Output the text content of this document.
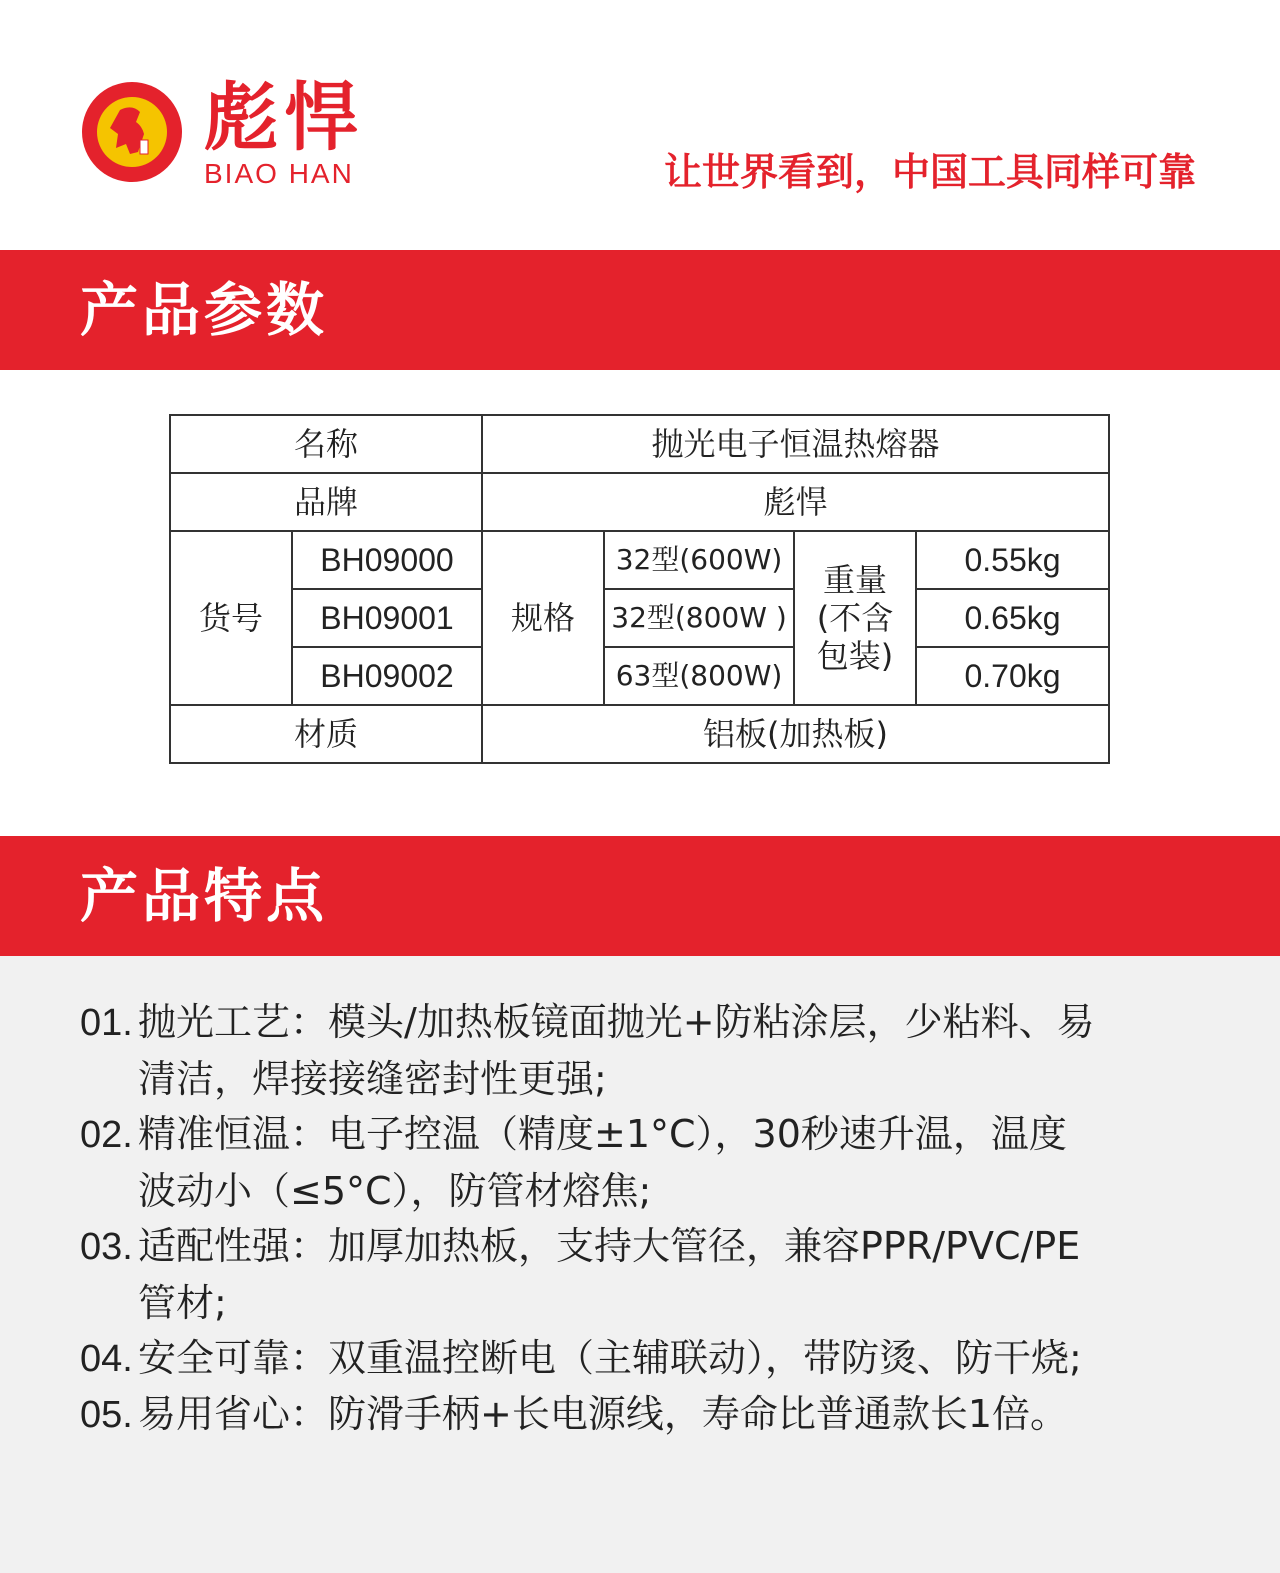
彪悍
BIAO HAN	让世界看到，中国工具同样可靠
产品参数
名称		抛光电子恒温热熔器			
品牌		彪悍			
货号	BH09000	规格	32型(600W)	重量(不含包装)	0.55kg
	BH09001		32型(800W )		0.65kg
	BH09002		63型(800W)		0.70kg
材质		铝板(加热板)			
产品特点
01. 抛光工艺：模头/加热板镜面抛光+防粘涂层，少粘料、易
清洁，焊接接缝密封性更强;
02. 精准恒温：电子控温（精度±1°C），30秒速升温，温度
波动小（≤5°C），防管材熔焦;
03. 适配性强：加厚加热板，支持大管径，兼容PPR/PVC/PE
管材;
04. 安全可靠：双重温控断电（主辅联动），带防烫、防干烧;
05. 易用省心：防滑手柄+长电源线，寿命比普通款长1倍。
